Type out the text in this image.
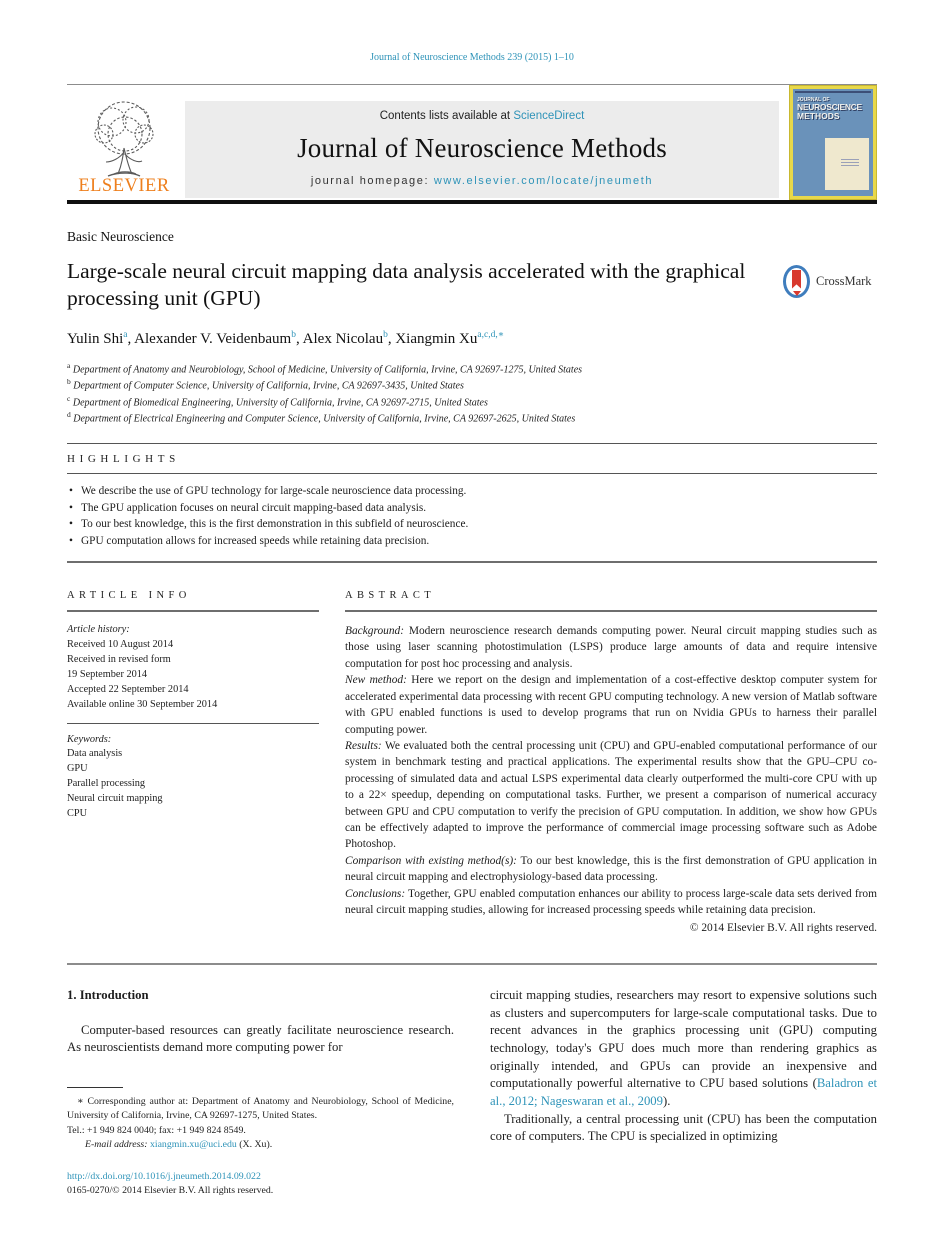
Journal of Neuroscience Methods 239 (2015) 1–10
ELSEVIER
Contents lists available at ScienceDirect
Journal of Neuroscience Methods
journal homepage: www.elsevier.com/locate/jneumeth
JOURNAL OF
NEUROSCIENCE
METHODS
Basic Neuroscience
Large-scale neural circuit mapping data analysis accelerated with the graphical processing unit (GPU)
CrossMark
Yulin Shi$^a$, Alexander V. Veidenbaum$^b$, Alex Nicolau$^b$, Xiangmin $Xu^{a,c,d,∗}$
$^a$ Department of Anatomy and Neurobiology, School of Medicine, University of California, Irvine, CA 92697-1275, United States
$^b$ Department of Computer Science, University of California, Irvine, CA 92697-3435, United States
$^c$ Department of Biomedical Engineering, University of California, Irvine, CA 92697-2715, United States
$^d$ Department of Electrical Engineering and Computer Science, University of California, Irvine, CA 92697-2625, United States
HIGHLIGHTS
• We describe the use of GPU technology for large-scale neuroscience data processing.
• The GPU application focuses on neural circuit mapping-based data analysis.
• To our best knowledge, this is the first demonstration in this subfield of neuroscience.
• GPU computation allows for increased speeds while retaining data precision.
ARTICLE INFO
Article history:
Received 10 August 2014
Received in revised form
19 September 2014
Accepted 22 September 2014
Available online 30 September 2014
Keywords:
Data analysis
GPU
Parallel processing
Neural circuit mapping
CPU
ABSTRACT
Background: Modern neuroscience research demands computing power. Neural circuit mapping studies such as those using laser scanning photostimulation (LSPS) produce large amounts of data and require intensive computation for post hoc processing and analysis.
New method: Here we report on the design and implementation of a cost-effective desktop computer system for accelerated experimental data processing with recent GPU computing technology. A new version of Matlab software with GPU enabled functions is used to develop programs that run on Nvidia GPUs to harness their parallel computing power.
Results: We evaluated both the central processing unit (CPU) and GPU-enabled computational performance of our system in benchmark testing and practical applications. The experimental results show that the GPU–CPU co-processing of simulated data and actual LSPS experimental data clearly outperformed the multi-core CPU with up to a 22× speedup, depending on computational tasks. Further, we present a comparison of numerical accuracy between GPU and CPU computation to verify the precision of GPU computation. In addition, we show how GPUs can be effectively adapted to improve the performance of commercial image processing software such as Adobe Photoshop.
Comparison with existing method(s): To our best knowledge, this is the first demonstration of GPU application in neural circuit mapping and electrophysiology-based data processing.
Conclusions: Together, GPU enabled computation enhances our ability to process large-scale data sets derived from neural circuit mapping studies, allowing for increased processing speeds while retaining data precision.
© 2014 Elsevier B.V. All rights reserved.
1. Introduction

Computer-based resources can greatly facilitate neuroscience research. As neuroscientists demand more computing power for

∗ Corresponding author at: Department of Anatomy and Neurobiology, School of Medicine, University of California, Irvine, CA 92697-1275, United States.
Tel.: +1 949 824 0040; fax: +1 949 824 8549.
E-mail address: xiangmin.xu@uci.edu (X. Xu).
http://dx.doi.org/10.1016/j.jneumeth.2014.09.022
0165-0270/© 2014 Elsevier B.V. All rights reserved.

circuit mapping studies, researchers may resort to expensive solutions such as clusters and supercomputers for large-scale computational tasks. Due to recent advances in the graphics processing unit (GPU) computing technology, today's GPU does much more than rendering graphics as originally intended, and GPUs can provide an inexpensive and computationally powerful alternative to CPU based solutions (Baladron et al., 2012; Nageswaran et al., 2009).

Traditionally, a central processing unit (CPU) has been the computation core of computers. The CPU is specialized in optimizing
